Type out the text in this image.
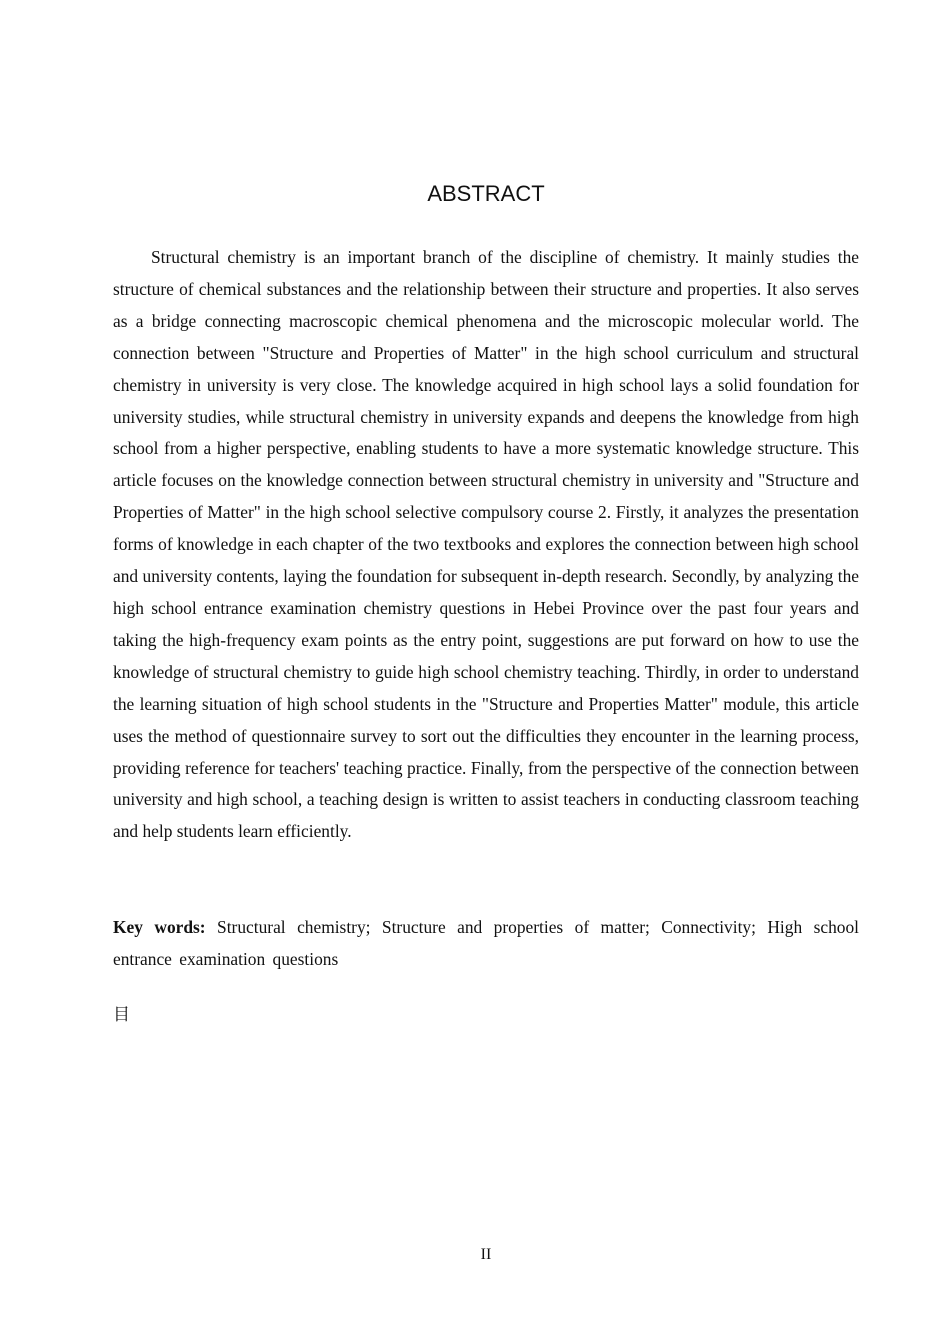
ABSTRACT

Structural chemistry is an important branch of the discipline of chemistry. It mainly studies the structure of chemical substances and the relationship between their structure and properties. It also serves as a bridge connecting macroscopic chemical phenomena and the microscopic molecular world. The connection between "Structure and Properties of Matter" in the high school curriculum and structural chemistry in university is very close. The knowledge acquired in high school lays a solid foundation for university studies, while structural chemistry in university expands and deepens the knowledge from high school from a higher perspective, enabling students to have a more systematic knowledge structure. This article focuses on the knowledge connection between structural chemistry in university and "Structure and Properties of Matter" in the high school selective compulsory course 2. Firstly, it analyzes the presentation forms of knowledge in each chapter of the two textbooks and explores the connection between high school and university contents, laying the foundation for subsequent in-depth research. Secondly, by analyzing the high school entrance examination chemistry questions in Hebei Province over the past four years and taking the high-frequency exam points as the entry point, suggestions are put forward on how to use the knowledge of structural chemistry to guide high school chemistry teaching. Thirdly, in order to understand the learning situation of high school students in the "Structure and Properties Matter" module, this article uses the method of questionnaire survey to sort out the difficulties they encounter in the learning process, providing reference for teachers' teaching practice. Finally, from the perspective of the connection between university and high school, a teaching design is written to assist teachers in conducting classroom teaching and help students learn efficiently.

Key words: Structural chemistry; Structure and properties of matter; Connectivity; High school entrance examination questions

目

II
